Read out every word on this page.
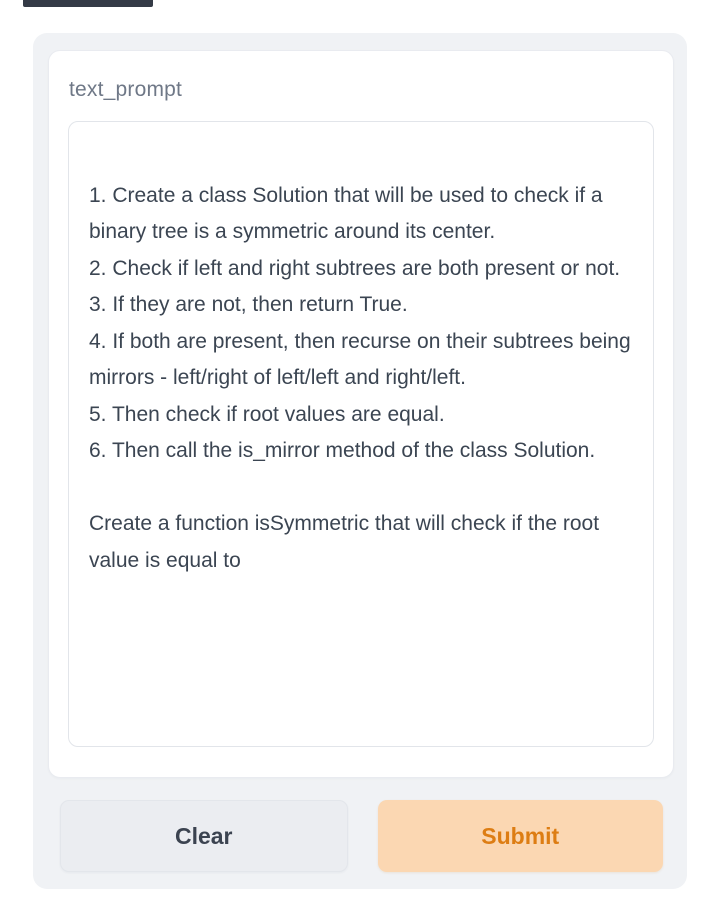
text_prompt
1. Create a class Solution that will be used to check if a binary tree is a symmetric around its center. 2. Check if left and right subtrees are both present or not. 3. If they are not, then return True. 4. If both are present, then recurse on their subtrees being mirrors - left/right of left/left and right/left. 5. Then check if root values are equal. 6. Then call the is_mirror method of the class Solution. Create a function isSymmetric that will check if the root value is equal to
Clear	Submit
